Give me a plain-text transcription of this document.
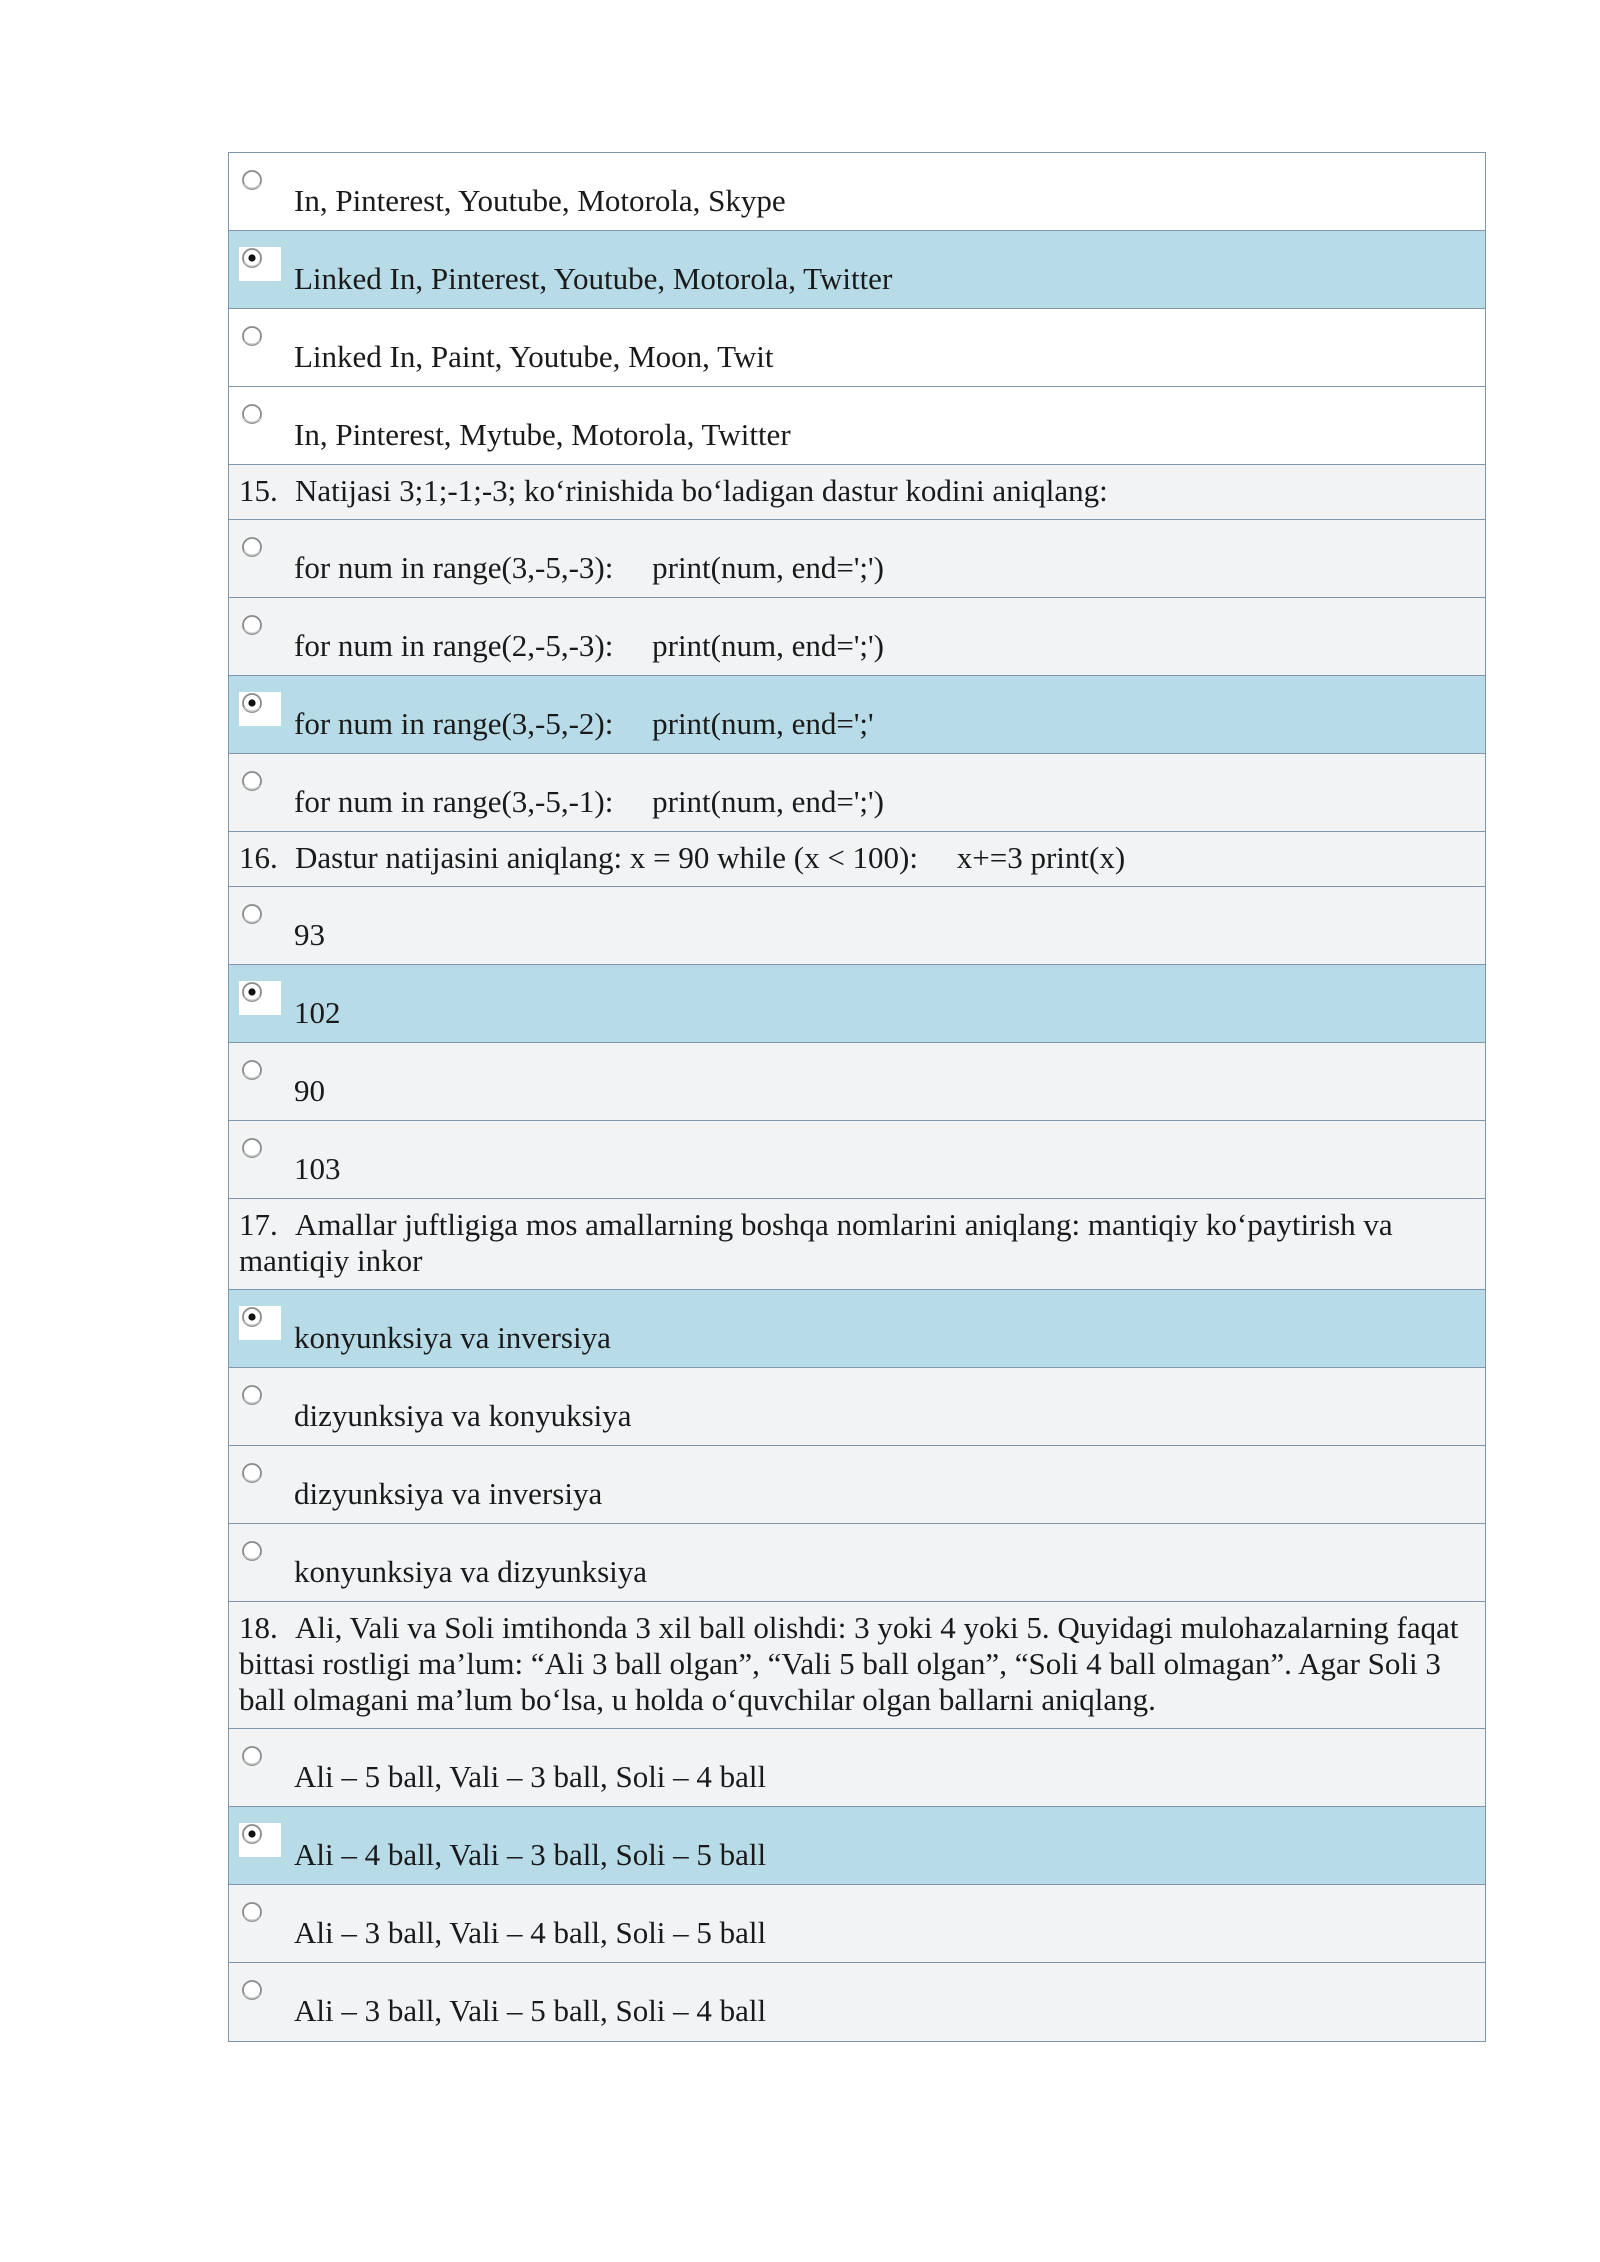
In, Pinterest, Youtube, Motorola, Skype
Linked In, Pinterest, Youtube, Motorola, Twitter
Linked In, Paint, Youtube, Moon, Twit
In, Pinterest, Mytube, Motorola, Twitter
15. Natijasi 3;1;-1;-3; ko‘rinishida bo‘ladigan dastur kodini aniqlang:
for num in range(3,-5,-3):     print(num, end=';')
for num in range(2,-5,-3):     print(num, end=';')
for num in range(3,-5,-2):     print(num, end=';'
for num in range(3,-5,-1):     print(num, end=';')
16. Dastur natijasini aniqlang: x = 90 while (x < 100):     x+=3 print(x)
93
102
90
103
17. Amallar juftligiga mos amallarning boshqa nomlarini aniqlang: mantiqiy ko‘paytirish va mantiqiy inkor
konyunksiya va inversiya
dizyunksiya va konyuksiya
dizyunksiya va inversiya
konyunksiya va dizyunksiya
18. Ali, Vali va Soli imtihonda 3 xil ball olishdi: 3 yoki 4 yoki 5. Quyidagi mulohazalarning faqat bittasi rostligi ma’lum: “Ali 3 ball olgan”, “Vali 5 ball olgan”, “Soli 4 ball olmagan”. Agar Soli 3 ball olmagani ma’lum bo‘lsa, u holda o‘quvchilar olgan ballarni aniqlang.
Ali – 5 ball, Vali – 3 ball, Soli – 4 ball
Ali – 4 ball, Vali – 3 ball, Soli – 5 ball
Ali – 3 ball, Vali – 4 ball, Soli – 5 ball
Ali – 3 ball, Vali – 5 ball, Soli – 4 ball
